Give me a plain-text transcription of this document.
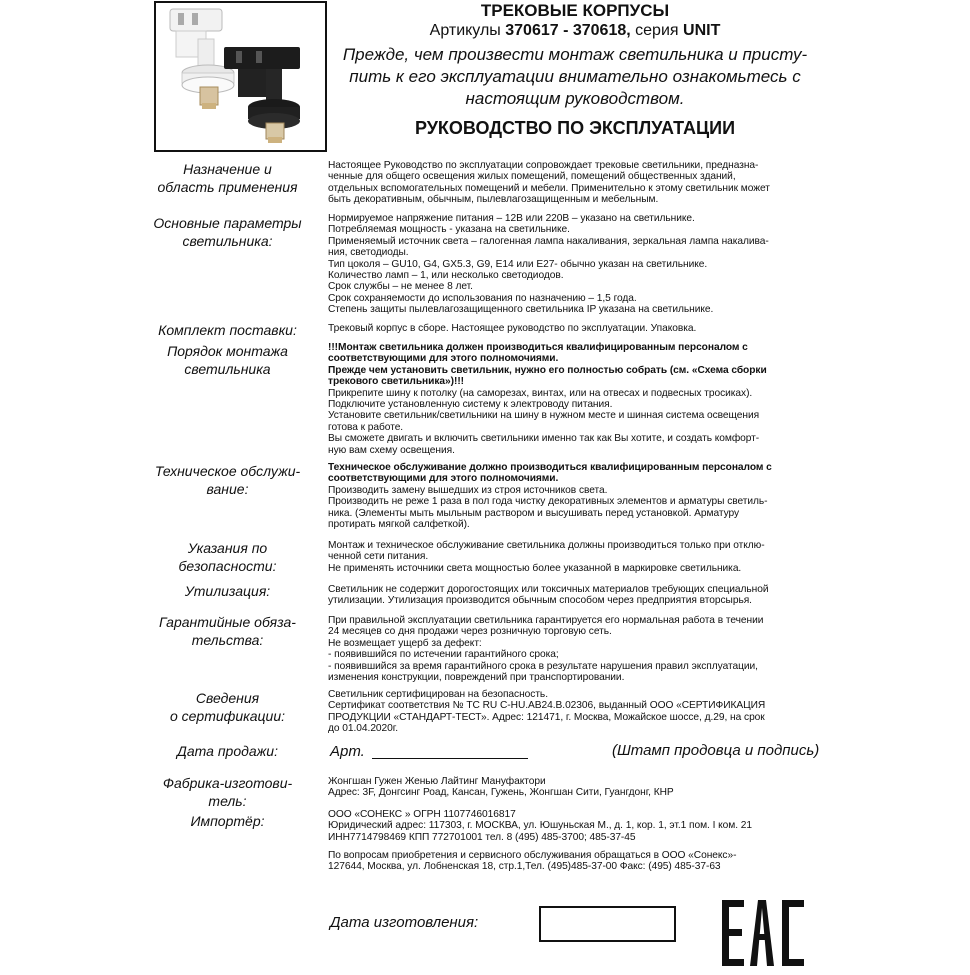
ТРЕКОВЫЕ КОРПУСЫ
Артикулы 370617 - 370618, серия UNIT
Прежде, чем произвести монтаж светильника и присту-
пить к его эксплуатации внимательно ознакомьтесь с
настоящим руководством.
РУКОВОДСТВО ПО ЭКСПЛУАТАЦИИ
Назначение и
область применения

Настоящее Руководство по эксплуатации сопровождает трековые светильники, предназна-
ченные для общего освещения жилых помещений, помещений общественных зданий,
отдельных вспомогательных помещений и мебели. Применительно к этому светильник может
быть декоративным, обычным, пылевлагозащищенным и мебельным.

Основные параметры
светильника:

Нормируемое напряжение питания – 12В или 220В – указано на светильнике.
Потребляемая мощность - указана на светильнике.
Применяемый источник света – галогенная лампа накаливания, зеркальная лампа накалива-
ния, светодиоды.
Тип цоколя – GU10, G4, GX5.3, G9, E14 или E27- обычно указан на светильнике.
Количество ламп – 1, или несколько светодиодов.
Срок службы – не менее 8 лет.
Срок сохраняемости до использования по назначению – 1,5 года.
Степень защиты пылевлагозащищенного светильника IP указана на светильнике.

Комплект поставки:	Трековый корпус в сборе. Настоящее руководство по эксплуатации. Упаковка.

Порядок монтажа
светильника

!!!Монтаж светильника должен производиться квалифицированным персоналом с
соответствующими для этого полномочиями.
Прежде чем установить светильник, нужно его полностью собрать (см. «Схема сборки
трекового светильника»)!!!

Прикрепите шину к потолку (на саморезах, винтах, или на отвесах и подвесных тросиках).
Подключите установленную систему к электроводу питания.
Установите светильник/светильники на шину в нужном месте и шинная система освещения
готова к работе.
Вы сможете двигать и включить светильники именно так как Вы хотите, и создать комфорт-
ную вам схему освещения.

Техническое обслужи-
вание:

Техническое обслуживание должно производиться квалифицированным персоналом с
соответствующими для этого полномочиями.

Производить замену вышедших из строя источников света.
Производить не реже 1 раза в пол года чистку декоративных элементов и арматуры светиль-
ника. (Элементы мыть мыльным раствором и высушивать перед установкой. Арматуру
протирать мягкой салфеткой).

Указания по
безопасности:

Монтаж и техническое обслуживание светильника должны производиться только при отклю-
ченной сети питания.
Не применять источники света мощностью более указанной в маркировке светильника.

Утилизация:	Светильник не содержит дорогостоящих или токсичных материалов требующих специальной
утилизации. Утилизация производится обычным способом через предприятия вторсырья.

Гарантийные обяза-
тельства:

При правильной эксплуатации светильника гарантируется его нормальная работа в течении
24 месяцев со дня продажи через розничную торговую сеть.
Не возмещает ущерб за дефект:
- появившийся по истечении гарантийного срока;
- появившийся за время гарантийного срока в результате нарушения правил эксплуатации,
изменения конструкции, повреждений при транспортировании.

Сведения
о сертификации:

Светильник сертифицирован на безопасность.
Сертификат соответствия № ТС RU C-HU.AB24.B.02306, выданный ООО «СЕРТИФИКАЦИЯ
ПРОДУКЦИИ «СТАНДАРТ-ТЕСТ». Адрес: 121471, г. Москва, Можайское шоссе, д.29, на срок
до 01.04.2020г.

Дата продажи:	Арт.	(Штамп продовца и подпись)
Фабрика-изготови-
тель:

Жонгшан Гужен Женью Лайтинг Мануфактори
Адрес: 3F, Донгсинг Роад, Кансан, Гужень, Жонгшан Сити, Гуангдонг, КНР

Импортёр:	ООО «СОНЕКС » ОГРН 1107746016817
Юридический адрес: 117303, г. МОСКВА, ул. Юшуньская М., д. 1, кор. 1, эт.1 пом. I ком. 21
ИНН7714798469 КПП 772701001 тел. 8 (495) 485-3700; 485-37-45

По вопросам приобретения и сервисного обслуживания обращаться в ООО «Сонекс»-
127644, Москва, ул. Лобненская 18, стр.1,Тел. (495)485-37-00 Факс: (495) 485-37-63

Дата изготовления:
